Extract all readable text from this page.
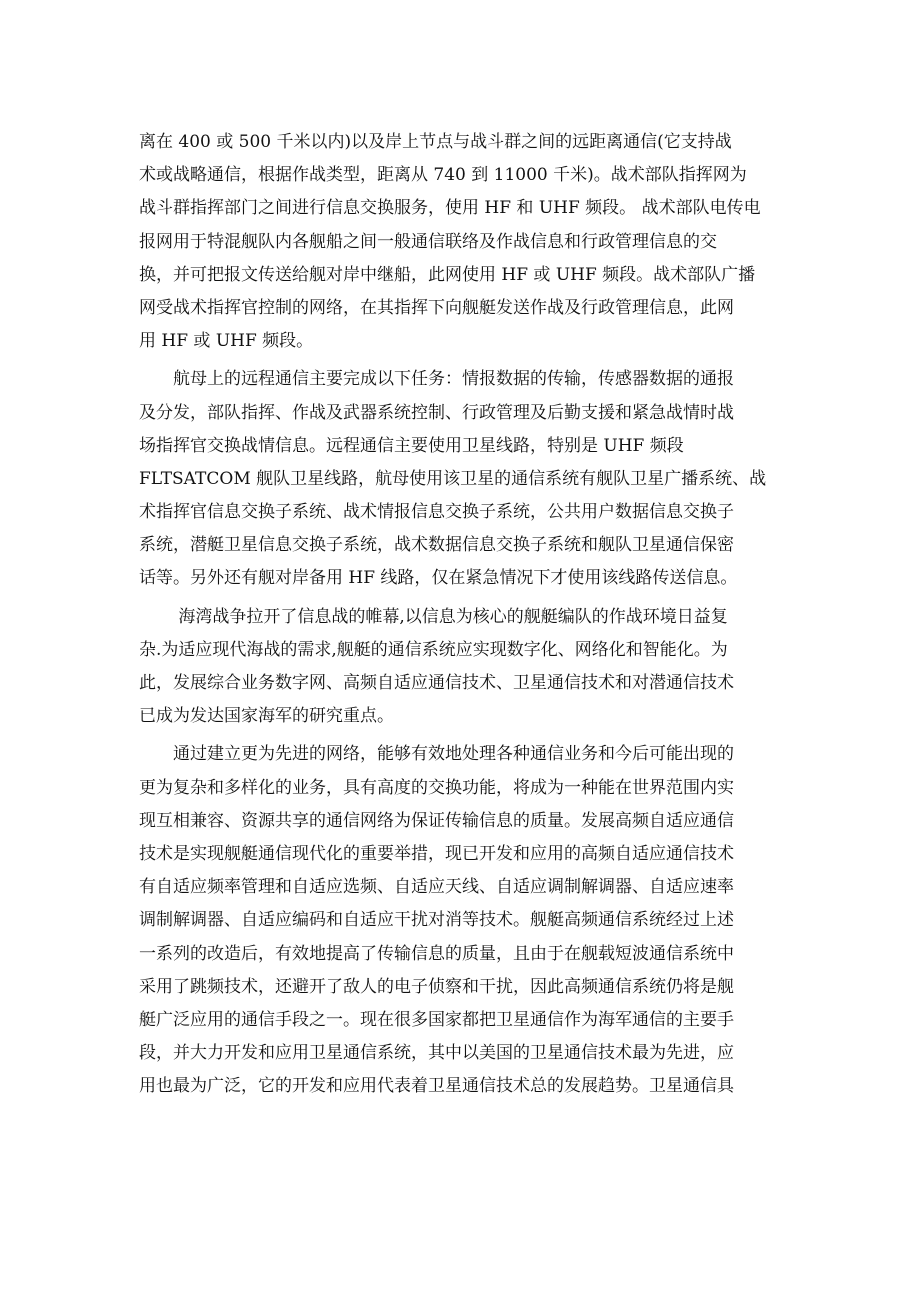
离在 400 或 500 千米以内)以及岸上节点与战斗群之间的远距离通信(它支持战
术或战略通信，根据作战类型，距离从 740 到 11000 千米)。战术部队指挥网为
战斗群指挥部门之间进行信息交换服务，使用 HF 和 UHF 频段。 战术部队电传电
报网用于特混舰队内各舰船之间一般通信联络及作战信息和行政管理信息的交
换，并可把报文传送给舰对岸中继船，此网使用 HF 或 UHF 频段。战术部队广播
网受战术指挥官控制的网络，在其指挥下向舰艇发送作战及行政管理信息，此网
用 HF 或 UHF 频段。
　　航母上的远程通信主要完成以下任务：情报数据的传输，传感器数据的通报
及分发，部队指挥、作战及武器系统控制、行政管理及后勤支援和紧急战情时战
场指挥官交换战情信息。远程通信主要使用卫星线路，特别是 UHF 频段
FLTSATCOM 舰队卫星线路，航母使用该卫星的通信系统有舰队卫星广播系统、战
术指挥官信息交换子系统、战术情报信息交换子系统，公共用户数据信息交换子
系统，潜艇卫星信息交换子系统，战术数据信息交换子系统和舰队卫星通信保密
话等。另外还有舰对岸备用 HF 线路，仅在紧急情况下才使用该线路传送信息。
　　 海湾战争拉开了信息战的帷幕,以信息为核心的舰艇编队的作战环境日益复
杂.为适应现代海战的需求,舰艇的通信系统应实现数字化、网络化和智能化。为
此，发展综合业务数字网、高频自适应通信技术、卫星通信技术和对潜通信技术
已成为发达国家海军的研究重点。
　　通过建立更为先进的网络，能够有效地处理各种通信业务和今后可能出现的
更为复杂和多样化的业务，具有高度的交换功能，将成为一种能在世界范围内实
现互相兼容、资源共享的通信网络为保证传输信息的质量。发展高频自适应通信
技术是实现舰艇通信现代化的重要举措，现已开发和应用的高频自适应通信技术
有自适应频率管理和自适应选频、自适应天线、自适应调制解调器、自适应速率
调制解调器、自适应编码和自适应干扰对消等技术。舰艇高频通信系统经过上述
一系列的改造后，有效地提高了传输信息的质量，且由于在舰载短波通信系统中
采用了跳频技术，还避开了敌人的电子侦察和干扰，因此高频通信系统仍将是舰
艇广泛应用的通信手段之一。现在很多国家都把卫星通信作为海军通信的主要手
段，并大力开发和应用卫星通信系统，其中以美国的卫星通信技术最为先进，应
用也最为广泛，它的开发和应用代表着卫星通信技术总的发展趋势。卫星通信具
